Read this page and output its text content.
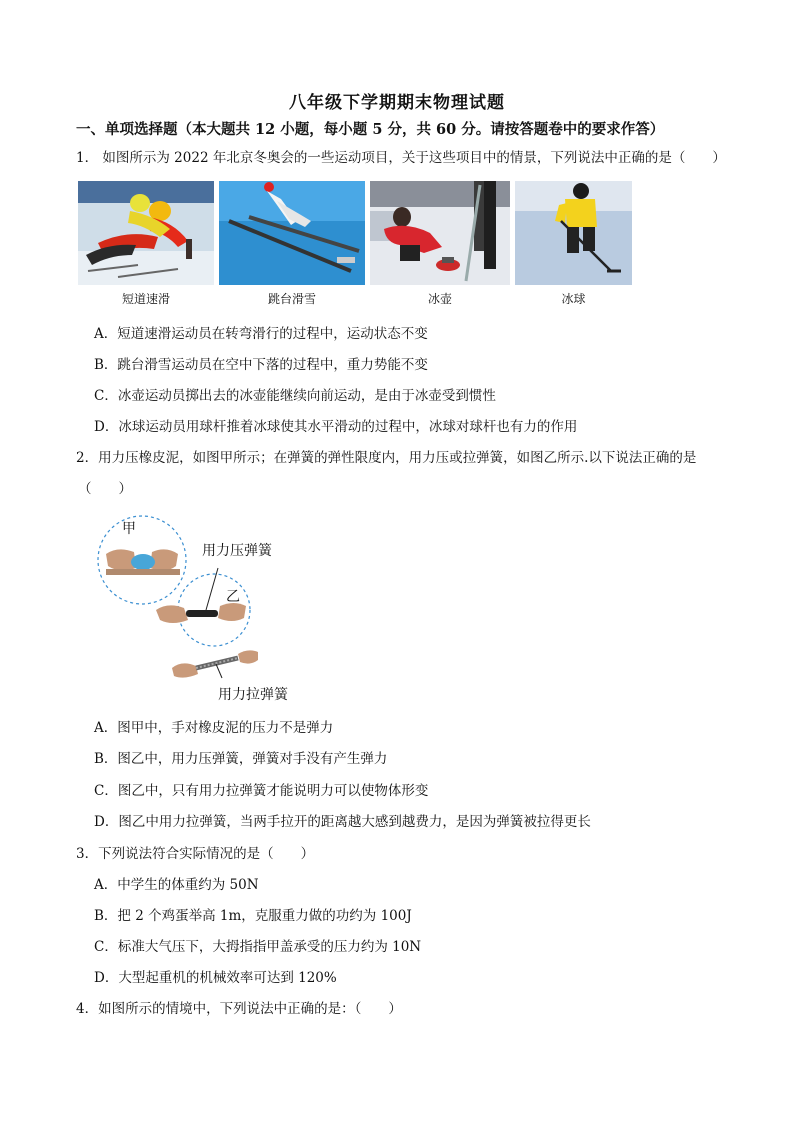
八年级下学期期末物理试题
一、单项选择题（本大题共 12 小题，每小题 5 分，共 60 分。请按答题卷中的要求作答）
1． 如图所示为 2022 年北京冬奥会的一些运动项目，关于这些项目中的情景，下列说法中正确的是（　　）
短道速滑	跳台滑雪	冰壶	冰球
A．短道速滑运动员在转弯滑行的过程中，运动状态不变
B．跳台滑雪运动员在空中下落的过程中，重力势能不变
C．冰壶运动员掷出去的冰壶能继续向前运动，是由于冰壶受到惯性
D．冰球运动员用球杆推着冰球使其水平滑动的过程中，冰球对球杆也有力的作用
2．用力压橡皮泥，如图甲所示；在弹簧的弹性限度内，用力压或拉弹簧，如图乙所示.以下说法正确的是
（　　）
甲
乙
用力压弹簧
用力拉弹簧
A．图甲中，手对橡皮泥的压力不是弹力
B．图乙中，用力压弹簧，弹簧对手没有产生弹力
C．图乙中，只有用力拉弹簧才能说明力可以使物体形变
D．图乙中用力拉弹簧，当两手拉开的距离越大感到越费力，是因为弹簧被拉得更长
3．下列说法符合实际情况的是（　　）
A．中学生的体重约为 50N
B．把 2 个鸡蛋举高 1m，克服重力做的功约为 100J
C．标准大气压下，大拇指指甲盖承受的压力约为 10N
D．大型起重机的机械效率可达到 120%
4．如图所示的情境中，下列说法中正确的是：（　　）
